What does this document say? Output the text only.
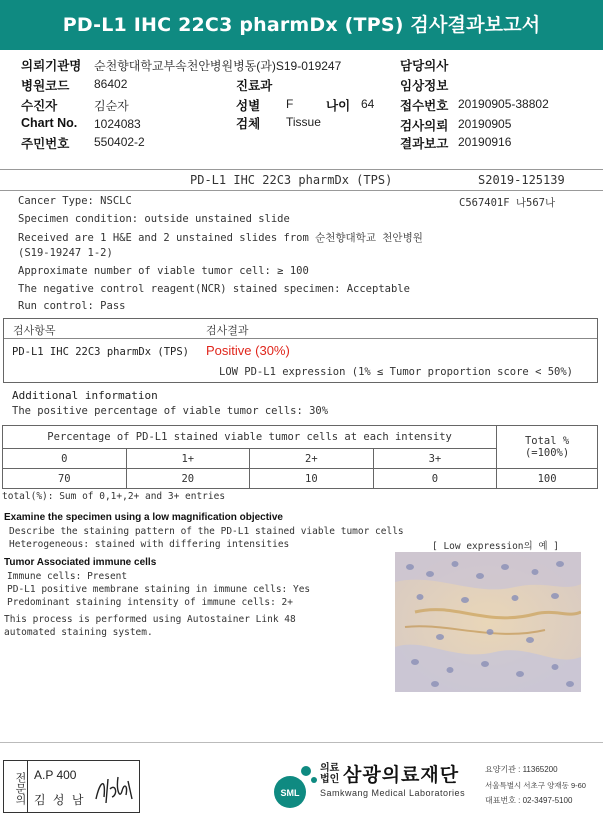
PD-L1 IHC 22C3 pharmDx (TPS) 검사결과보고서
의뢰기관명 순천향대학교부속천안병원병동(과)S19-019247
병원코드 86402
수진자	김순자
Chart No. 1024083
주민번호 550402-2
진료과
성별 F	나이 64
검체 Tissue
담당의사
임상정보
접수번호 20190905-38802
검사의뢰 20190905
결과보고 20190916
PD-L1 IHC 22C3 pharmDx (TPS)	S2019-125139
C567401F 나567나
Cancer Type: NSCLC
Specimen condition: outside unstained slide
Received are 1 H&E and 2 unstained slides from 순천향대학교 천안병원
(S19-19247 1-2)
Approximate number of viable tumor cell: ≥ 100
The negative control reagent(NCR) stained specimen: Acceptable
Run control: Pass
검사항목	검사결과
PD-L1 IHC 22C3 pharmDx (TPS) Positive (30%)
LOW PD-L1 expression (1% ≤ Tumor proportion score < 50%)
Additional information
The positive percentage of viable tumor cells: 30%
Percentage of PD-L1 stained viable tumor cells at each intensity				Total %
(=100%)

0	1+	2+	3+	
70	20	10	0	100
total(%): Sum of 0,1+,2+ and 3+ entries
Examine the specimen using a low magnification objective
Describe the staining pattern of the PD-L1 stained viable tumor cells
Heterogeneous: stained with differing intensities
Tumor Associated immune cells
Immune cells: Present
PD-L1 positive membrane staining in immune cells: Yes
Predominant staining intensity of immune cells: 2+
This process is performed using Autostainer Link 48
automated staining system.
[ Low expression의 예 ]
전문의 A.P 400
김 성 남	SML
의료
법인 삼광의료재단
Samkwang Medical Laboratories
요양기관 : 11365200
서울특별시 서초구 양재동 9-60
대표번호 : 02-3497-5100
